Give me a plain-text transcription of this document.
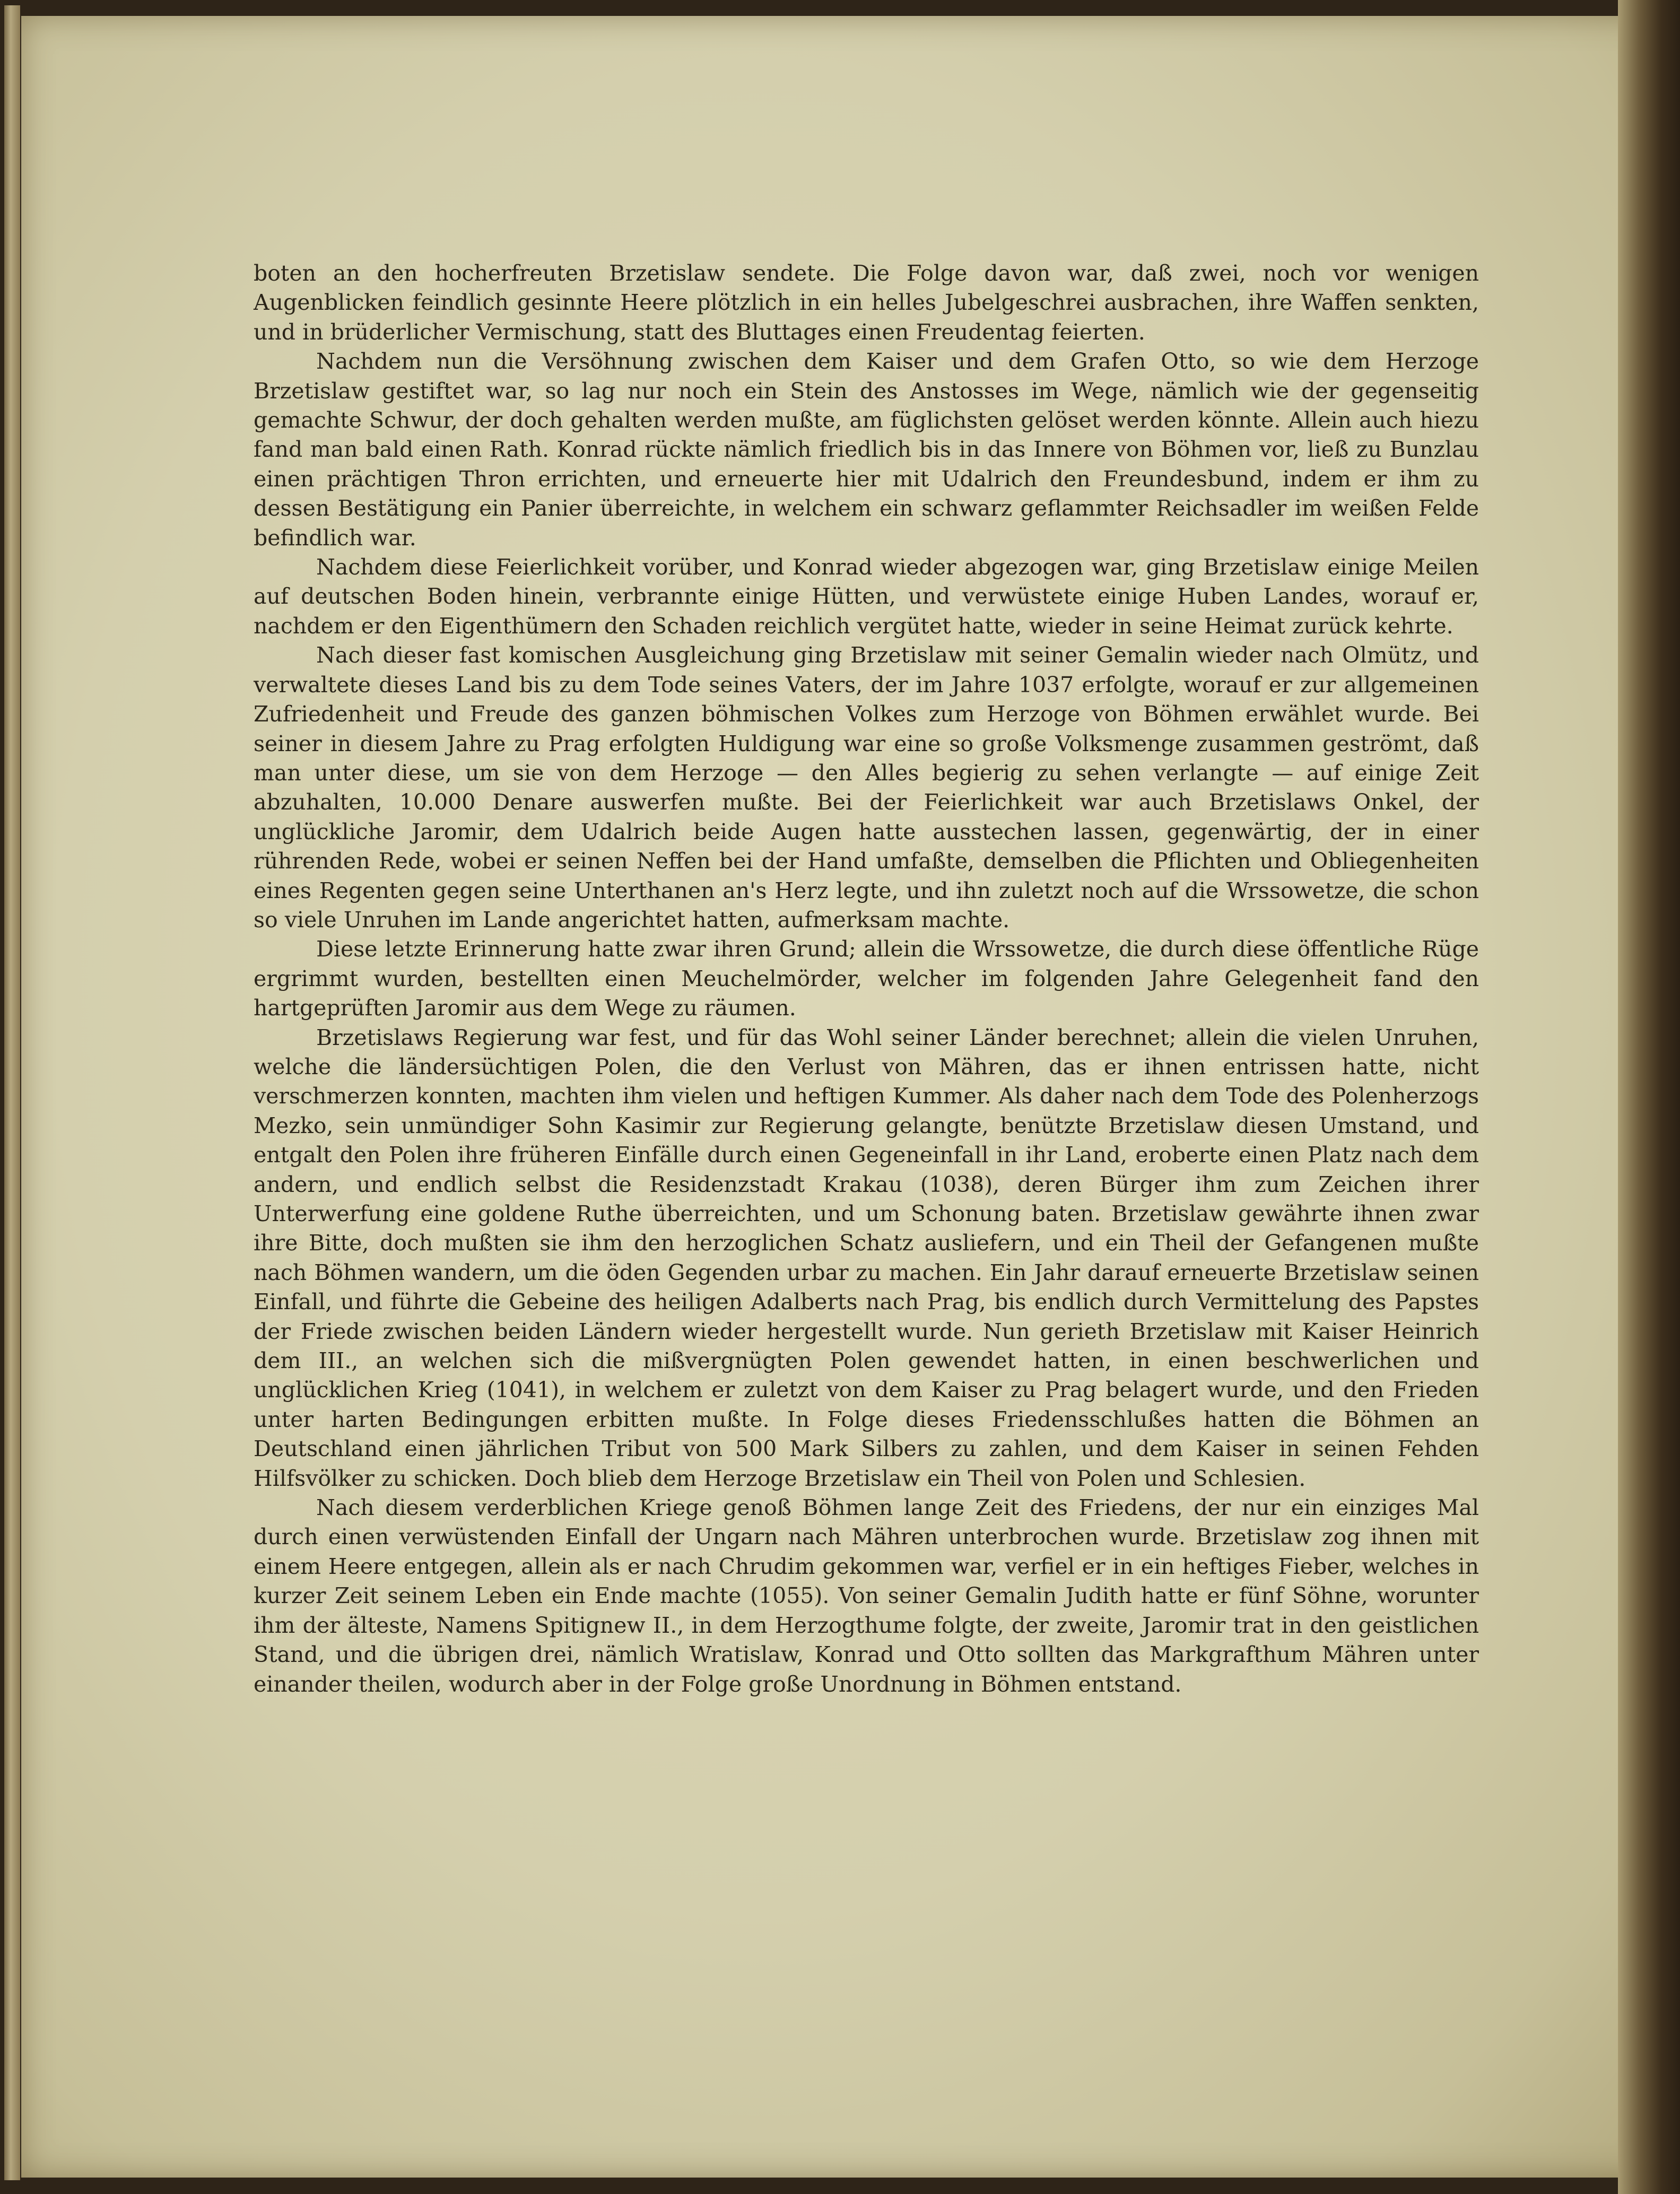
boten an den hocherfreuten Brzetislaw sendete. Die Folge davon war, daß zwei, noch vor wenigen Augenblicken feindlich gesinnte Heere plötzlich in ein helles Jubelgeschrei ausbrachen, ihre Waffen senkten, und in brüderlicher Vermischung, statt des Bluttages einen Freudentag feierten.

Nachdem nun die Versöhnung zwischen dem Kaiser und dem Grafen Otto, so wie dem Herzoge Brzetislaw gestiftet war, so lag nur noch ein Stein des Anstosses im Wege, nämlich wie der gegenseitig gemachte Schwur, der doch gehalten werden mußte, am füglichsten gelöset werden könnte. Allein auch hiezu fand man bald einen Rath. Konrad rückte nämlich friedlich bis in das Innere von Böhmen vor, ließ zu Bunzlau einen prächtigen Thron errichten, und erneuerte hier mit Udalrich den Freundesbund, indem er ihm zu dessen Bestätigung ein Panier überreichte, in welchem ein schwarz geflammter Reichsadler im weißen Felde befindlich war.

Nachdem diese Feierlichkeit vorüber, und Konrad wieder abgezogen war, ging Brzetislaw einige Meilen auf deutschen Boden hinein, verbrannte einige Hütten, und verwüstete einige Huben Landes, worauf er, nachdem er den Eigenthümern den Schaden reichlich vergütet hatte, wieder in seine Heimat zurück kehrte.

Nach dieser fast komischen Ausgleichung ging Brzetislaw mit seiner Gemalin wieder nach Olmütz, und verwaltete dieses Land bis zu dem Tode seines Vaters, der im Jahre 1037 erfolgte, worauf er zur allgemeinen Zufriedenheit und Freude des ganzen böhmischen Volkes zum Herzoge von Böhmen erwählet wurde. Bei seiner in diesem Jahre zu Prag erfolgten Huldigung war eine so große Volksmenge zusammen geströmt, daß man unter diese, um sie von dem Herzoge — den Alles begierig zu sehen verlangte — auf einige Zeit abzuhalten, 10.000 Denare auswerfen mußte. Bei der Feierlichkeit war auch Brzetislaws Onkel, der unglückliche Jaromir, dem Udalrich beide Augen hatte ausstechen lassen, gegenwärtig, der in einer rührenden Rede, wobei er seinen Neffen bei der Hand umfaßte, demselben die Pflichten und Obliegenheiten eines Regenten gegen seine Unterthanen an's Herz legte, und ihn zuletzt noch auf die Wrssowetze, die schon so viele Unruhen im Lande angerichtet hatten, aufmerksam machte.

Diese letzte Erinnerung hatte zwar ihren Grund; allein die Wrssowetze, die durch diese öffentliche Rüge ergrimmt wurden, bestellten einen Meuchelmörder, welcher im folgenden Jahre Gelegenheit fand den hartgeprüften Jaromir aus dem Wege zu räumen.

Brzetislaws Regierung war fest, und für das Wohl seiner Länder berechnet; allein die vielen Unruhen, welche die ländersüchtigen Polen, die den Verlust von Mähren, das er ihnen entrissen hatte, nicht verschmerzen konnten, machten ihm vielen und heftigen Kummer. Als daher nach dem Tode des Polenherzogs Mezko, sein unmündiger Sohn Kasimir zur Regierung gelangte, benützte Brzetislaw diesen Umstand, und entgalt den Polen ihre früheren Einfälle durch einen Gegeneinfall in ihr Land, eroberte einen Platz nach dem andern, und endlich selbst die Residenzstadt Krakau (1038), deren Bürger ihm zum Zeichen ihrer Unterwerfung eine goldene Ruthe überreichten, und um Schonung baten. Brzetislaw gewährte ihnen zwar ihre Bitte, doch mußten sie ihm den herzoglichen Schatz ausliefern, und ein Theil der Gefangenen mußte nach Böhmen wandern, um die öden Gegenden urbar zu machen. Ein Jahr darauf erneuerte Brzetislaw seinen Einfall, und führte die Gebeine des heiligen Adalberts nach Prag, bis endlich durch Vermittelung des Papstes der Friede zwischen beiden Ländern wieder hergestellt wurde. Nun gerieth Brzetislaw mit Kaiser Heinrich dem III., an welchen sich die mißvergnügten Polen gewendet hatten, in einen beschwerlichen und unglücklichen Krieg (1041), in welchem er zuletzt von dem Kaiser zu Prag belagert wurde, und den Frieden unter harten Bedingungen erbitten mußte. In Folge dieses Friedensschlußes hatten die Böhmen an Deutschland einen jährlichen Tribut von 500 Mark Silbers zu zahlen, und dem Kaiser in seinen Fehden Hilfsvölker zu schicken. Doch blieb dem Herzoge Brzetislaw ein Theil von Polen und Schlesien.

Nach diesem verderblichen Kriege genoß Böhmen lange Zeit des Friedens, der nur ein einziges Mal durch einen verwüstenden Einfall der Ungarn nach Mähren unterbrochen wurde. Brzetislaw zog ihnen mit einem Heere entgegen, allein als er nach Chrudim gekommen war, verfiel er in ein heftiges Fieber, welches in kurzer Zeit seinem Leben ein Ende machte (1055). Von seiner Gemalin Judith hatte er fünf Söhne, worunter ihm der älteste, Namens Spitignew II., in dem Herzogthume folgte, der zweite, Jaromir trat in den geistlichen Stand, und die übrigen drei, nämlich Wratislaw, Konrad und Otto sollten das Markgrafthum Mähren unter einander theilen, wodurch aber in der Folge große Unordnung in Böhmen entstand.
